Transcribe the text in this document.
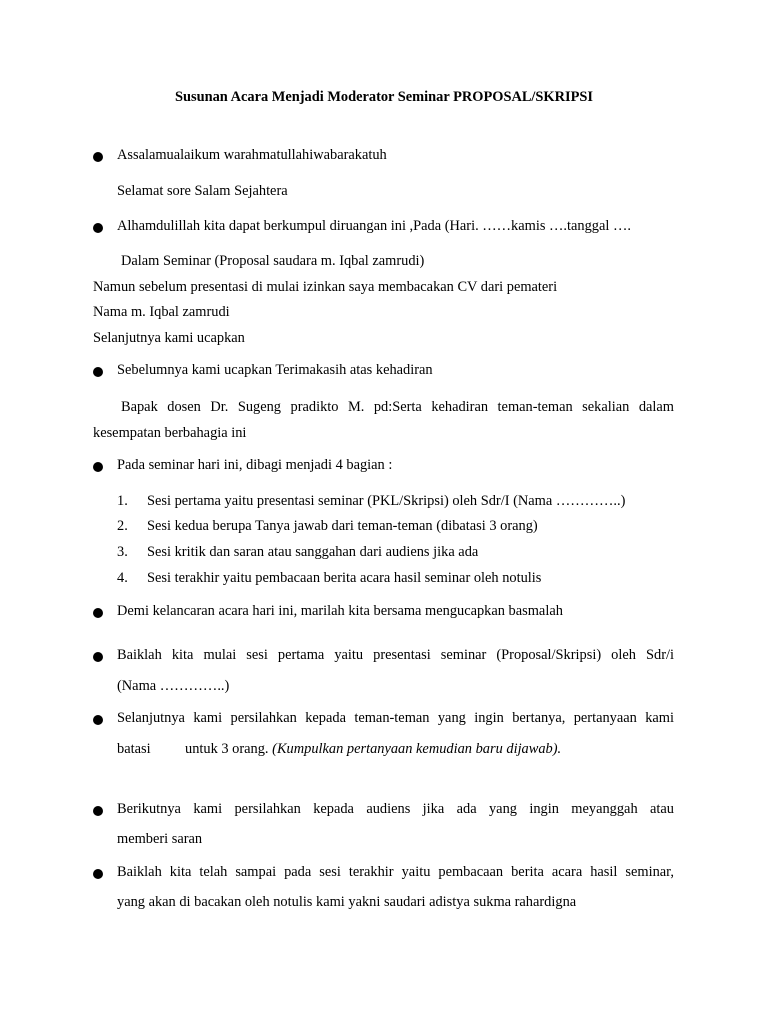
Susunan Acara Menjadi Moderator Seminar PROPOSAL/SKRIPSI
Assalamualaikum warahmatullahiwabarakatuh
Selamat sore Salam Sejahtera
Alhamdulillah kita dapat berkumpul diruangan ini ,Pada (Hari. ……kamis ….tanggal ….
Dalam Seminar (Proposal saudara m. Iqbal zamrudi)
Namun sebelum presentasi di mulai izinkan saya membacakan CV dari pemateri
Nama m. Iqbal zamrudi
Selanjutnya kami ucapkan
Sebelumnya kami ucapkan Terimakasih atas kehadiran
Bapak dosen Dr. Sugeng pradikto M. pd:Serta kehadiran teman-teman sekalian dalam
kesempatan berbahagia ini
Pada seminar hari ini, dibagi menjadi 4 bagian :
1. Sesi pertama yaitu presentasi seminar (PKL/Skripsi) oleh Sdr/I (Nama …………..)
2. Sesi kedua berupa Tanya jawab dari teman-teman (dibatasi 3 orang)
3. Sesi kritik dan saran atau sanggahan dari audiens jika ada
4. Sesi terakhir yaitu pembacaan berita acara hasil seminar oleh notulis
Demi kelancaran acara hari ini, marilah kita bersama mengucapkan basmalah
Baiklah kita mulai sesi pertama yaitu presentasi seminar (Proposal/Skripsi) oleh Sdr/i
(Nama …………..)
Selanjutnya kami persilahkan kepada teman-teman yang ingin bertanya, pertanyaan kami
batasi untuk 3 orang. (Kumpulkan pertanyaan kemudian baru dijawab).
Berikutnya kami persilahkan kepada audiens jika ada yang ingin meyanggah atau
memberi saran
Baiklah kita telah sampai pada sesi terakhir yaitu pembacaan berita acara hasil seminar,
yang akan di bacakan oleh notulis kami yakni saudari adistya sukma rahardigna
